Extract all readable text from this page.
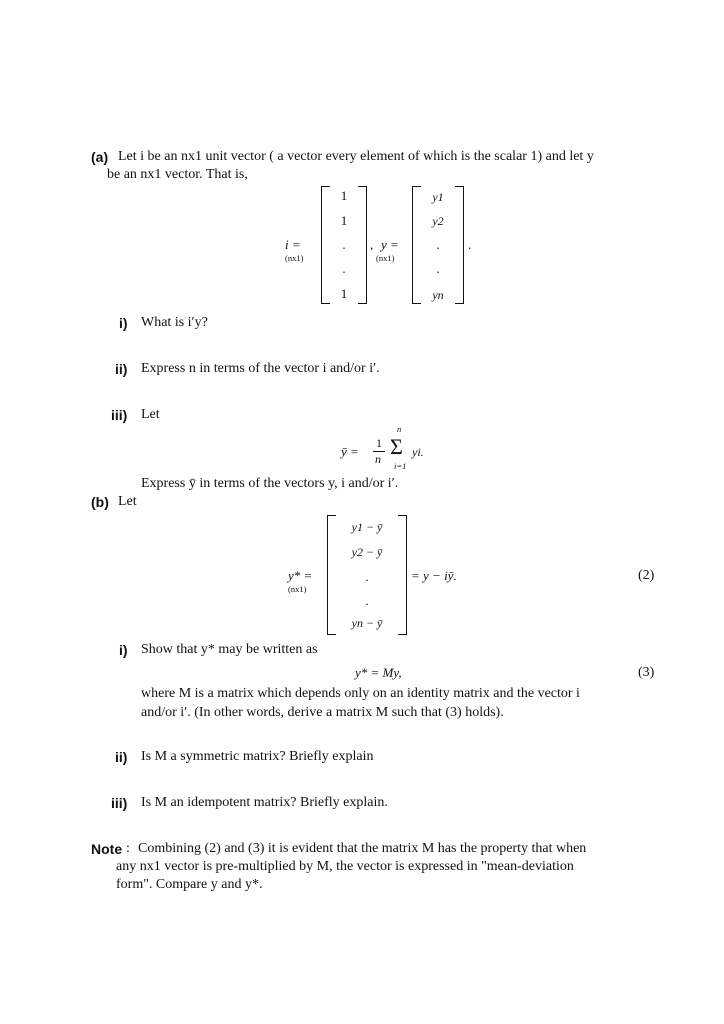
(a) Let i be an nx1 unit vector ( a vector every element of which is the scalar 1) and let y
be an nx1 vector. That is,
i =
(nx1)
1
1
.
.
1
, y =
(nx1)
y1
y2
.
.
yn
.
i) What is i′y?
ii) Express n in terms of the vector i and/or i′.
iii) Let
ȳ =
1
n
n
Σ
i=1
yi.
Express ȳ in terms of the vectors y, i and/or i′.
(b) Let
y* =
(nx1)
y1 − ȳ
y2 − ȳ
.
.
yn − ȳ
= y − iȳ.	(2)
i) Show that y* may be written as
y* = My,	(3)
where M is a matrix which depends only on an identity matrix and the vector i
and/or i′. (In other words, derive a matrix M such that (3) holds).
ii) Is M a symmetric matrix? Briefly explain
iii) Is M an idempotent matrix? Briefly explain.
Note : Combining (2) and (3) it is evident that the matrix M has the property that when
any nx1 vector is pre-multiplied by M, the vector is expressed in "mean-deviation
form". Compare y and y*.
